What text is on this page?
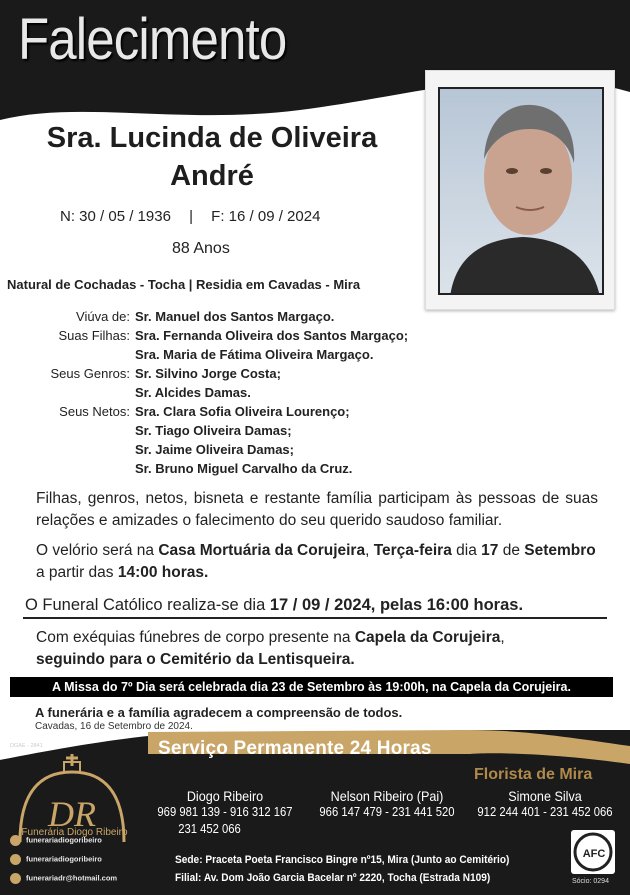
Falecimento
Sra. Lucinda de Oliveira
André
N: 30 / 05 / 1936 | F: 16 / 09 / 2024
88 Anos
Natural de Cochadas - Tocha | Residia em Cavadas - Mira
Viúva de: Sr. Manuel dos Santos Margaço.
Suas Filhas: Sra. Fernanda Oliveira dos Santos Margaço;
Sra. Maria de Fátima Oliveira Margaço.
Seus Genros: Sr. Silvino Jorge Costa;
Sr. Alcides Damas.
Seus Netos: Sra. Clara Sofia Oliveira Lourenço;
Sr. Tiago Oliveira Damas;
Sr. Jaime Oliveira Damas;
Sr. Bruno Miguel Carvalho da Cruz.
Filhas, genros, netos, bisneta e restante família participam às pessoas de suas relações e amizades o falecimento do seu querido saudoso familiar.
O velório será na Casa Mortuária da Corujeira, Terça-feira dia 17 de Setembro a partir das 14:00 horas.
O Funeral Católico realiza-se dia 17 / 09 / 2024, pelas 16:00 horas.
Com exéquias fúnebres de corpo presente na Capela da Corujeira,
seguindo para o Cemitério da Lentisqueira.
A Missa do 7º Dia será celebrada dia 23 de Setembro às 19:00h, na Capela da Corujeira.
A funerária e a família agradecem a compreensão de todos.
Cavadas, 16 de Setembro de 2024.
DGAE - 2841	Serviço Permanente 24 Horas
Florista de Mira
DR
Funerária Diogo Ribeiro
Diogo Ribeiro
969 981 139 - 916 312 167
231 452 066
Nelson Ribeiro (Pai)
966 147 479 - 231 441 520
Simone Silva
912 244 401 - 231 452 066
funerariadiogoribeiro
funerariadiogoribeiro
funerariadr@hotmail.com
Sede: Praceta Poeta Francisco Bingre nº15, Mira (Junto ao Cemitério)
Filial: Av. Dom João Garcia Bacelar nº 2220, Tocha (Estrada N109)
AFC
Sócio: 0294
